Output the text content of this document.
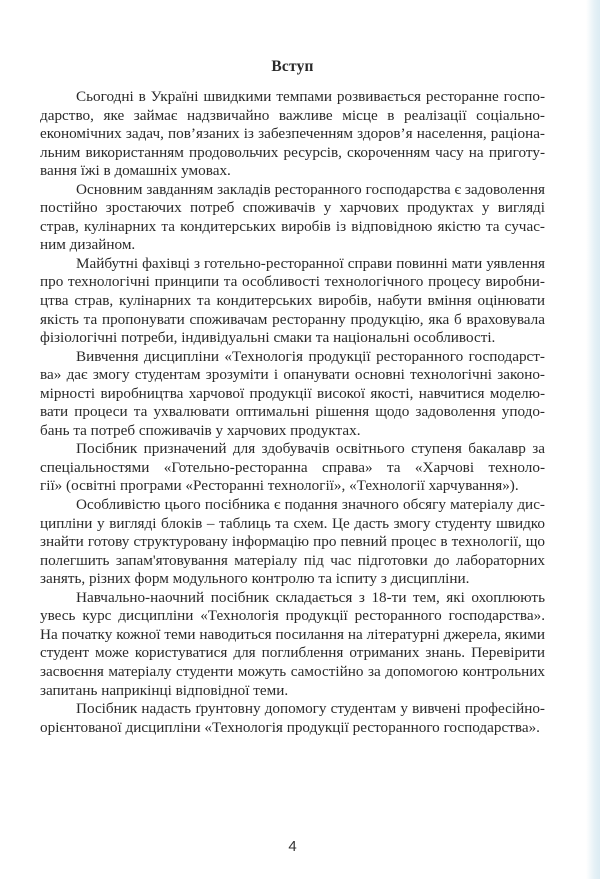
Вступ
Сьогодні в Україні швидкими темпами розвивається ресторанне госпо-
дарство, яке займає надзвичайно важливе місце в реалізації соціально-
економічних задач, пов’язаних із забезпеченням здоров’я населення, раціона-
льним використанням продовольчих ресурсів, скороченням часу на приготу-
вання їжі в домашніх умовах.
Основним завданням закладів ресторанного господарства є задоволення
постійно зростаючих потреб споживачів у харчових продуктах у вигляді
страв, кулінарних та кондитерських виробів із відповідною якістю та сучас-
ним дизайном.
Майбутні фахівці з готельно-ресторанної справи повинні мати уявлення
про технологічні принципи та особливості технологічного процесу виробни-
цтва страв, кулінарних та кондитерських виробів, набути вміння оцінювати
якість та пропонувати споживачам ресторанну продукцію, яка б враховувала
фізіологічні потреби, індивідуальні смаки та національні особливості.
Вивчення дисципліни «Технологія продукції ресторанного господарст-
ва» дає змогу студентам зрозуміти і опанувати основні технологічні законо-
мірності виробництва харчової продукції високої якості, навчитися моделю-
вати процеси та ухвалювати оптимальні рішення щодо задоволення уподо-
бань та потреб споживачів у харчових продуктах.
Посібник призначений для здобувачів освітнього ступеня бакалавр за
спеціальностями «Готельно-ресторанна справа» та «Харчові техноло-
гії» (освітні програми «Ресторанні технології», «Технології харчування»).
Особливістю цього посібника є подання значного обсягу матеріалу дис-
ципліни у вигляді блоків – таблиць та схем. Це дасть змогу студенту швидко
знайти готову структуровану інформацію про певний процес в технології, що
полегшить запам'ятовування матеріалу під час підготовки до лабораторних
занять, різних форм модульного контролю та іспиту з дисципліни.
Навчально-наочний посібник складається з 18-ти тем, які охоплюють
увесь курс дисципліни «Технологія продукції ресторанного господарства».
На початку кожної теми наводиться посилання на літературні джерела, якими
студент може користуватися для поглиблення отриманих знань. Перевірити
засвоєння матеріалу студенти можуть самостійно за допомогою контрольних
запитань наприкінці відповідної теми.
Посібник надасть ґрунтовну допомогу студентам у вивчені професійно-
орієнтованої дисципліни «Технологія продукції ресторанного господарства».
4
